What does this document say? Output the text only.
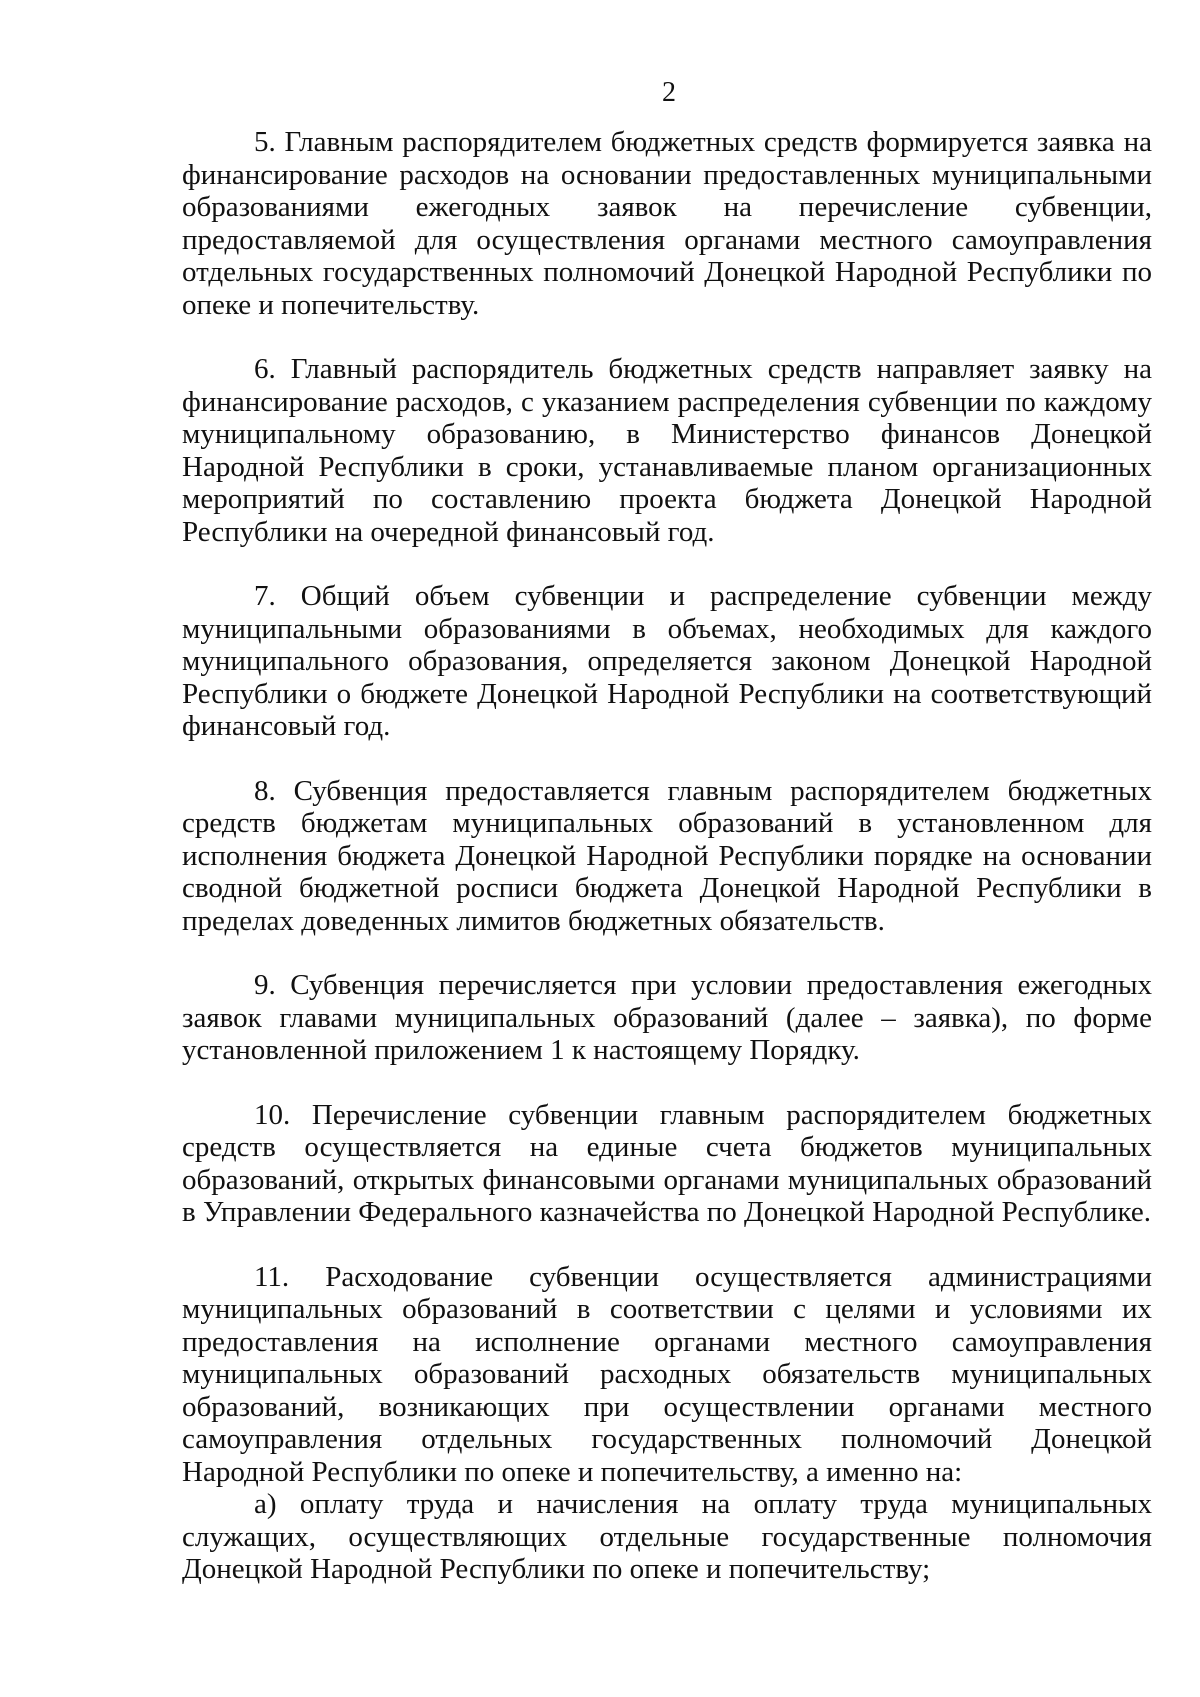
2

5. Главным распорядителем бюджетных средств формируется заявка на финансирование расходов на основании предоставленных муниципальными образованиями ежегодных заявок на перечисление субвенции, предоставляемой для осуществления органами местного самоуправления отдельных государственных полномочий Донецкой Народной Республики по опеке и попечительству.

6. Главный распорядитель бюджетных средств направляет заявку на финансирование расходов, с указанием распределения субвенции по каждому муниципальному образованию, в Министерство финансов Донецкой Народной Республики в сроки, устанавливаемые планом организационных мероприятий по составлению проекта бюджета Донецкой Народной Республики на очередной финансовый год.

7. Общий объем субвенции и распределение субвенции между муниципальными образованиями в объемах, необходимых для каждого муниципального образования, определяется законом Донецкой Народной Республики о бюджете Донецкой Народной Республики на соответствующий финансовый год.

8. Субвенция предоставляется главным распорядителем бюджетных средств бюджетам муниципальных образований в установленном для исполнения бюджета Донецкой Народной Республики порядке на основании сводной бюджетной росписи бюджета Донецкой Народной Республики в пределах доведенных лимитов бюджетных обязательств.

9. Субвенция перечисляется при условии предоставления ежегодных заявок главами муниципальных образований (далее – заявка), по форме установленной приложением 1 к настоящему Порядку.

10. Перечисление субвенции главным распорядителем бюджетных средств осуществляется на единые счета бюджетов муниципальных образований, открытых финансовыми органами муниципальных образований в Управлении Федерального казначейства по Донецкой Народной Республике.

11. Расходование субвенции осуществляется администрациями муниципальных образований в соответствии с целями и условиями их предоставления на исполнение органами местного самоуправления муниципальных образований расходных обязательств муниципальных образований, возникающих при осуществлении органами местного самоуправления отдельных государственных полномочий Донецкой Народной Республики по опеке и попечительству, а именно на:

а) оплату труда и начисления на оплату труда муниципальных служащих, осуществляющих отдельные государственные полномочия Донецкой Народной Республики по опеке и попечительству;
